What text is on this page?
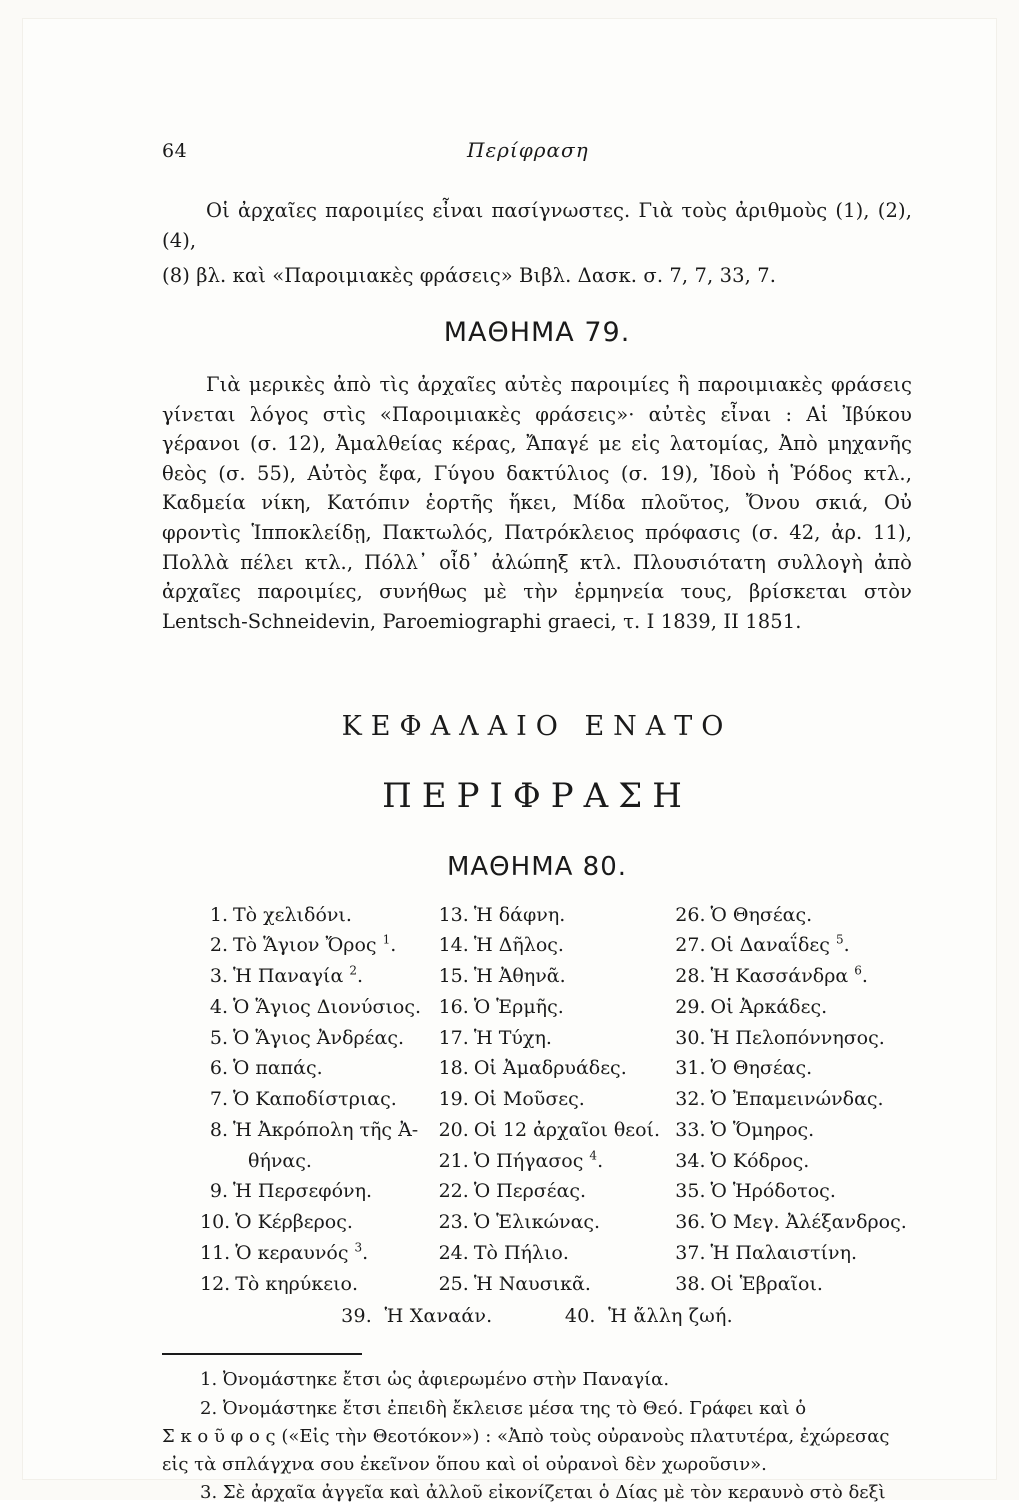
64	Περίφραση

Οἱ ἀρχαῖες παροιμίες εἶναι πασίγνωστες. Γιὰ τοὺς ἀριθμοὺς (1), (2), (4),

(8) βλ. καὶ «Παροιμιακὲς φράσεις» Βιβλ. Δασκ. σ. 7, 7, 33, 7.

ΜΑΘΗΜΑ 79.

Γιὰ μερικὲς ἀπὸ τὶς ἀρχαῖες αὐτὲς παροιμίες ἢ παροιμιακὲς φράσεις γίνεται λόγος στὶς «Παροιμιακὲς φράσεις»· αὐτὲς εἶναι : Αἱ Ἰβύκου γέρανοι (σ. 12), Ἀμαλθείας κέρας, Ἄπαγέ με εἰς λατομίας, Ἀπὸ μηχανῆς θεὸς (σ. 55), Αὐτὸς ἔφα, Γύγου δακτύλιος (σ. 19), Ἰδοὺ ἡ Ῥόδος κτλ., Καδμεία νίκη, Κατόπιν ἑορτῆς ἥκει, Μίδα πλοῦτος, Ὄνου σκιά, Οὐ φροντὶς Ἱπποκλείδῃ, Πακτωλός, Πατρόκλειος πρόφασις (σ. 42, ἀρ. 11), Πολλὰ πέλει κτλ., Πόλλ᾽ οἶδ᾽ ἀλώπηξ κτλ. Πλουσιότατη συλλογὴ ἀπὸ ἀρχαῖες παροιμίες, συνήθως μὲ τὴν ἑρμηνεία τους, βρίσκεται στὸν Lentsch-Schneidevin, Paroemiographi graeci, τ. Ι 1839, ΙΙ 1851.

ΚΕΦΑΛΑΙΟ ΕΝΑΤΟ
ΠΕΡΙΦΡΑΣΗ
ΜΑΘΗΜΑ 80.
1. Τὸ χελιδόνι.
2. Τὸ Ἅγιον Ὄρος $^1$.
3. Ἡ Παναγία $^2$.
4. Ὁ Ἅγιος Διονύσιος.
5. Ὁ Ἅγιος Ἀνδρέας.
6. Ὁ παπάς.
7. Ὁ Καποδίστριας.
8. Ἡ Ἀκρόπολη τῆς Ἀ-
θήνας.
9. Ἡ Περσεφόνη.
10. Ὁ Κέρβερος.
11. Ὁ κεραυνός $^3$.
12. Τὸ κηρύκειο.
13. Ἡ δάφνη.
14. Ἡ Δῆλος.
15. Ἡ Ἀθηνᾶ.
16. Ὁ Ἑρμῆς.
17. Ἡ Τύχη.
18. Οἱ Ἀμαδρυάδες.
19. Οἱ Μοῦσες.
20. Οἱ 12 ἀρχαῖοι θεοί.
21. Ὁ Πήγασος $^4$.
22. Ὁ Περσέας.
23. Ὁ Ἑλικώνας.
24. Τὸ Πήλιο.
25. Ἡ Ναυσικᾶ.
26. Ὁ Θησέας.
27. Οἱ Δαναΐδες $^5$.
28. Ἡ Κασσάνδρα $^6$.
29. Οἱ Ἀρκάδες.
30. Ἡ Πελοπόννησος.
31. Ὁ Θησέας.
32. Ὁ Ἐπαμεινώνδας.
33. Ὁ Ὅμηρος.
34. Ὁ Κόδρος.
35. Ὁ Ἡρόδοτος.
36. Ὁ Μεγ. Ἀλέξανδρος.
37. Ἡ Παλαιστίνη.
38. Οἱ Ἑβραῖοι.
39. Ἡ Χαναάν.	40. Ἡ ἄλλη ζωή.

1. Ὀνομάστηκε ἔτσι ὡς ἀφιερωμένο στὴν Παναγία.

2. Ὀνομάστηκε ἔτσι ἐπειδὴ ἔκλεισε μέσα της τὸ Θεό. Γράφει καὶ ὁ

Σ κ ο ῦ φ ο ς («Εἰς τὴν Θεοτόκον») : «Ἀπὸ τοὺς οὐρανοὺς πλατυτέρα, ἐχώρεσας

εἰς τὰ σπλάγχνα σου ἐκεῖνον ὅπου καὶ οἱ οὐρανοὶ δὲν χωροῦσιν».

3. Σὲ ἀρχαῖα ἀγγεῖα καὶ ἀλλοῦ εἰκονίζεται ὁ Δίας μὲ τὸν κεραυνὸ στὸ δεξὶ
